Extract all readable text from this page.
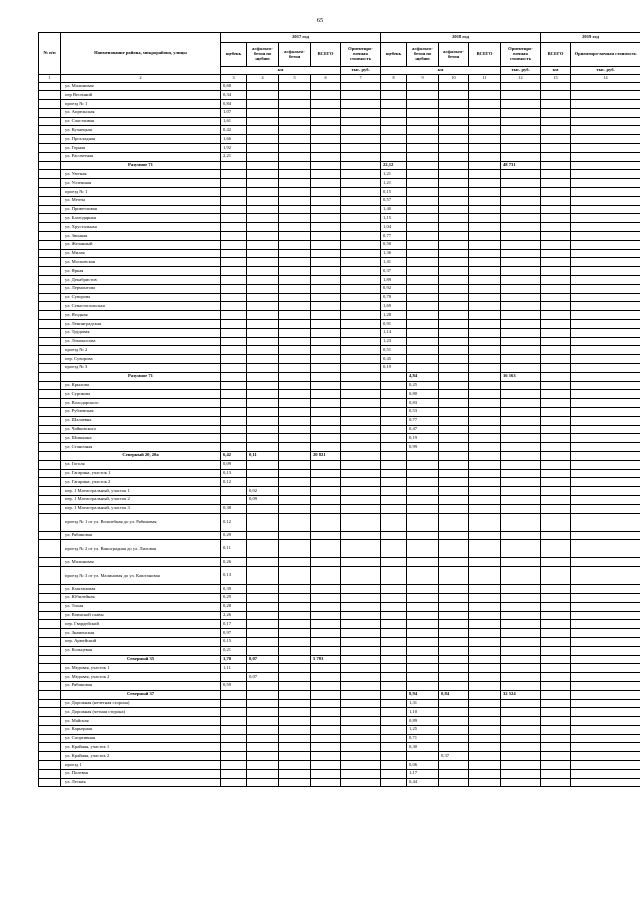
65
№ п/п	Наименование района, микрорайона, улицы	2017 год					2018 год					2019 год	
		щебень	асфальто-бетон по щебню	асфальто-бетон	ВСЕГО	Ориентиро-вочная стоимость	щебень	асфальто-бетон по щебню	асфальто-бетон	ВСЕГО	Ориентиро-вочная стоимость	ВСЕГО	Ориентиро-вочная стоимость
		км				тыс. руб.	км				тыс. руб.	км	тыс. руб.
1	2	3	4	5	6	7	8	9	10	11	12	13	14
	ул. Малиновая	0,68											
	пер Весенний	0,34											
	проезд № 1	0,84											
	ул. Апрельская	1,07											
	ул. Счастливая	1,61											
	ул. Кузнецкая	0,42											
	ул. Прохладная	1,66											
	ул. Горная	1,92											
	ул. Рассветная	2,21											
	Разумное 71						22,12				48 731		
	ул. Уютная						1,21						
	ул. Успешная						1,21						
	проезд № 1						0,15						
	ул. Мечты						0,57						
	ул. Приветливая						1,40						
	ул. Благодарная						1,15						
	ул. Хрустальная						1,04						
	ул. Звонкая						0,77						
	ул. Желанный						0,50						
	ул. Милая						1,36						
	ул. Московская						1,41						
	ул. Яркая						0,37						
	ул. Декабристов						1,89						
	ул. Лермонтова						0,92						
	ул. Суворова						0,78						
	ул. Севастопольская						1,69						
	ул. Ягодная						1,28						
	ул. Ленинградская						0,91						
	ул. Трудовая						1,14						
	ул. Ломоносова						1,23						
	проезд № 2						0,51						
	пер. Суворова						0,45						
	проезд № 3						0,19						
	Разумное 71							4,84			16 163		
	ул. Крылова							0,25					
	ул. Сурикова							0,80					
	ул. Володарского							0,83					
	ул. Рублевская							0,53					
	ул. Шалаевна							0,77					
	ул. Чайковского							0,47					
	ул. Шишкина							0,19					
	ул. Станочная							0,99					
	Северный 20, 20а	6,42	0,11		20 821								
	ул. Гоголя	0,09											
	ул. Гагарина, участок 1	0,13											
	ул. Гагарина, участок 2	0,12											
	пер. 1 Магистральный, участок 1		0,02										
	пер. 1 Магистральный, участок 2		0,09										
	пер. 1 Магистральный, участок 3	0,38											
	проезд № 1 от ул. Волшебная до ул. Рябиновая	0,12											
	ул. Рябиновая	0,29											
	проезд № 2 от ул. Виноградная до ул. Лиловая	0,11											
	ул. Малиновая	0,26											
	проезд № 3 от ул. Малиновая до ул. Каштановая	0,13											
	ул. Каштановая	0,39											
	ул. Юбилейная	0,29											
	ул. Тихая	0,28											
	ул. Воинской славы	2,26											
	пер. Гвардейский	0,17											
	ул. Знаменская	0,97											
	пер. Армейский	0,15											
	ул. Кольцевая	0,21											
	Северный 35	1,70	0,07		5 783								
	ул. Медовая, участок 1	1,11											
	ул. Медовая, участок 2		0,07										
	ул. Рябиновая	0,59											
	Северный 37							8,94	0,84		32 524		
	ул. Дорожная (нечетная сторона)							1,31					
	ул. Дорожная (четная сторона)							1,10					
	ул. Майская							0,89					
	ул. Карьерная							1,25					
	ул. Спортивная							0,71					
	ул. Крайняя, участок 1							0,30					
	ул. Крайняя, участок 2								0,37				
	проезд 1							0,06					
	ул. Полевая							1,17					
	ул. Лесная							0,44					
